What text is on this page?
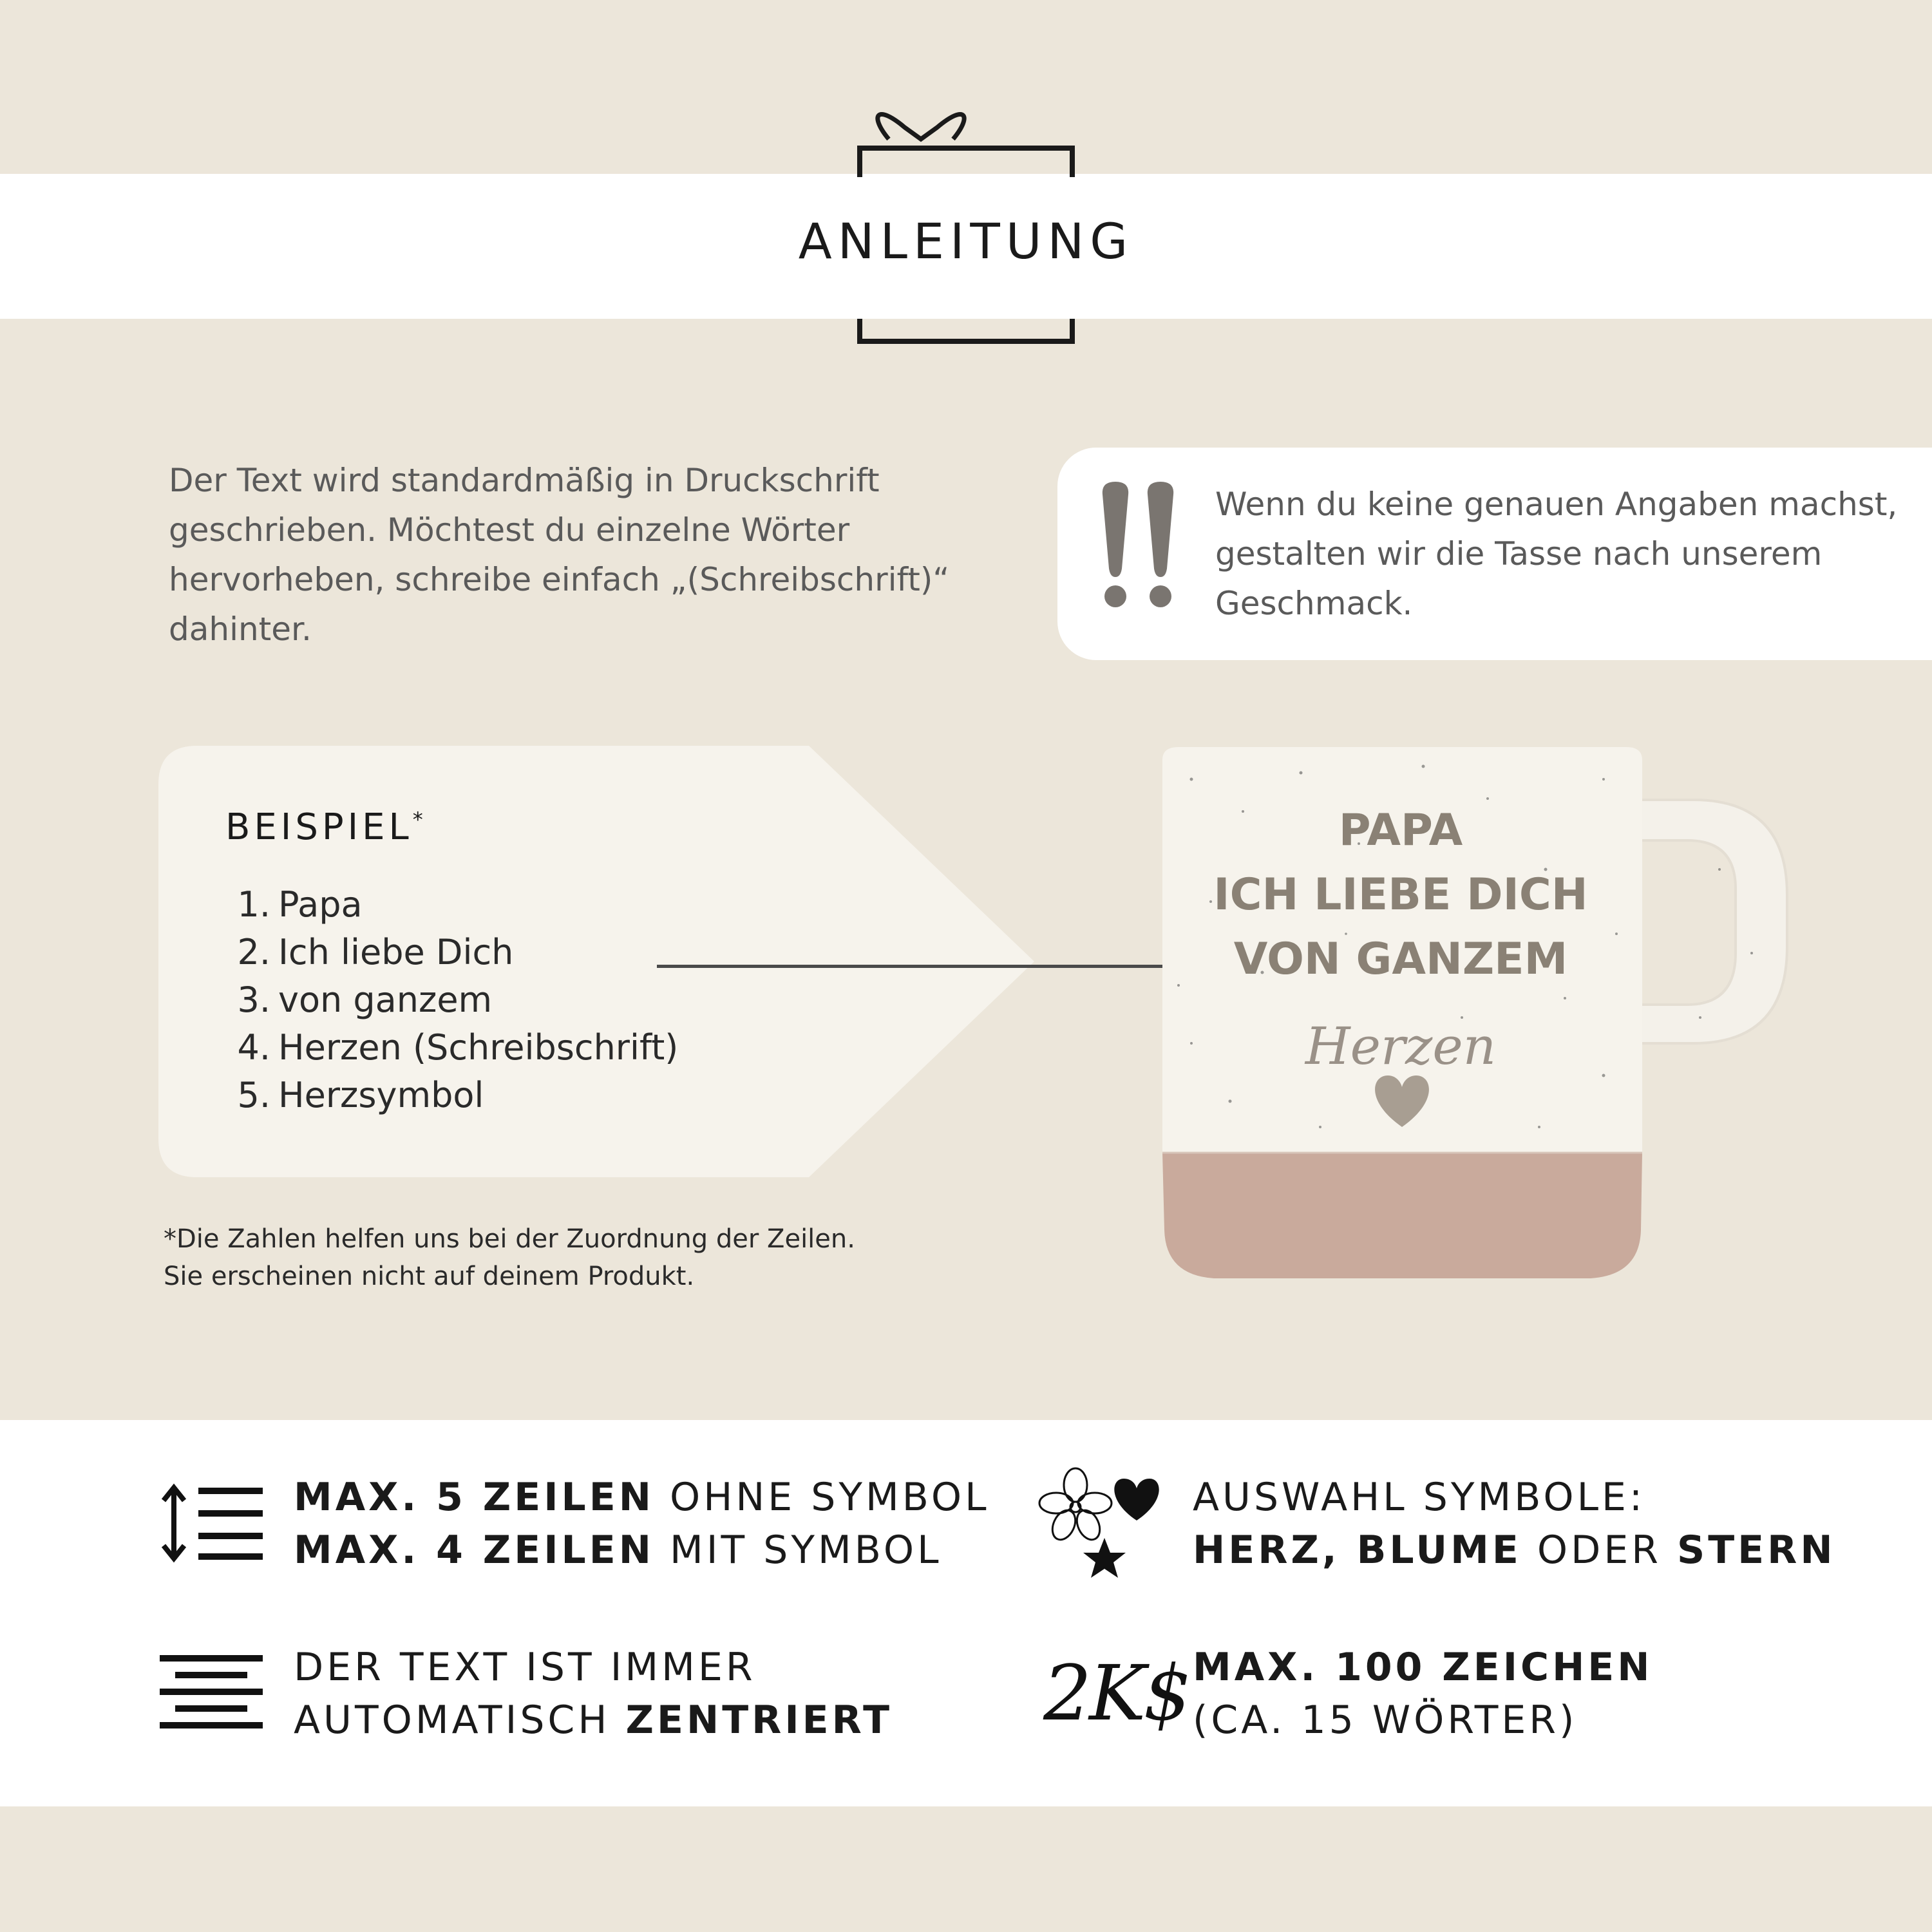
ANLEITUNG
Der Text wird standardmäßig in Druckschrift geschrieben. Möchtest du einzelne Wörter hervorheben, schreibe einfach „(Schreibschrift)“ dahinter.
Wenn du keine genauen Angaben machst, gestalten wir die Tasse nach unserem Geschmack.
BEISPIEL*
1. Papa
2. Ich liebe Dich
3. von ganzem
4. Herzen (Schreibschrift)
5. Herzsymbol
*Die Zahlen helfen uns bei der Zuordnung der Zeilen.
Sie erscheinen nicht auf deinem Produkt.
PAPA
ICH LIEBE DICH
VON GANZEM
Herzen
MAX. 5 ZEILEN OHNE SYMBOL
MAX. 4 ZEILEN MIT SYMBOL
AUSWAHL SYMBOLE:
HERZ, BLUME ODER STERN
DER TEXT IST IMMER
AUTOMATISCH ZENTRIERT 2K$ MAX. 100 ZEICHEN
(CA. 15 WÖRTER)
